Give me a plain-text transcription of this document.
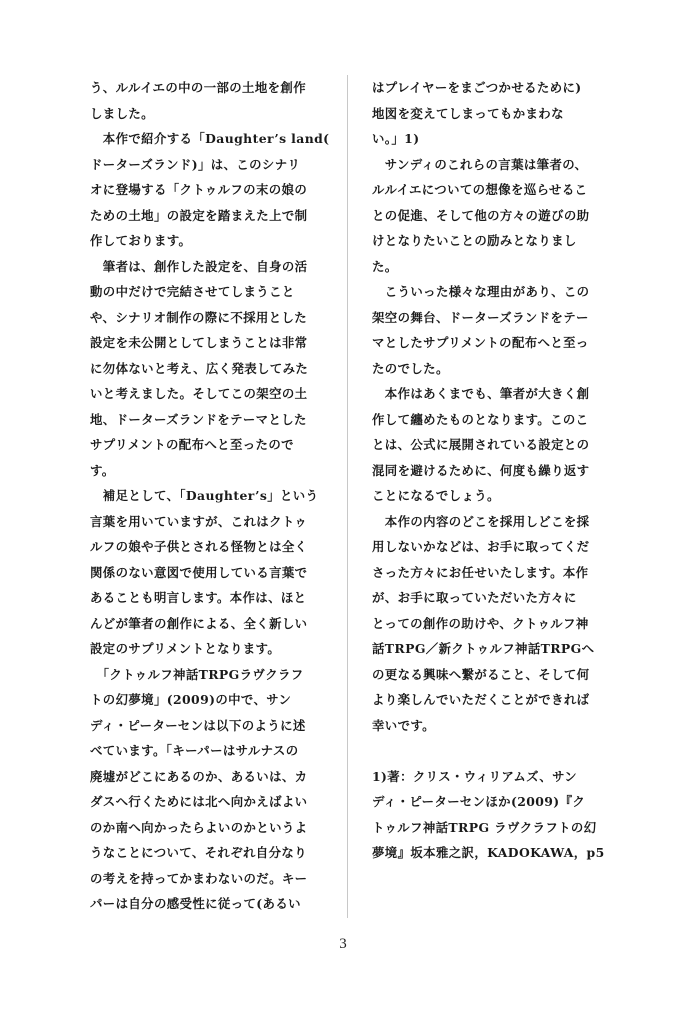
う、ルルイエの中の一部の土地を創作
しました。
　本作で紹介する「Daughter’s land(
ドーターズランド)」は、このシナリ
オに登場する「クトゥルフの末の娘の
ための土地」の設定を踏まえた上で制
作しております。
　筆者は、創作した設定を、自身の活
動の中だけで完結させてしまうこと
や、シナリオ制作の際に不採用とした
設定を未公開としてしまうことは非常
に勿体ないと考え、広く発表してみた
いと考えました。そしてこの架空の土
地、ドーターズランドをテーマとした
サプリメントの配布へと至ったので
す。
　補足として、「Daughter’s」という
言葉を用いていますが、これはクトゥ
ルフの娘や子供とされる怪物とは全く
関係のない意図で使用している言葉で
あることも明言します。本作は、ほと
んどが筆者の創作による、全く新しい
設定のサプリメントとなります。
　「クトゥルフ神話TRPGラヴクラフ
トの幻夢境」(2009)の中で、サン
ディ・ピーターセンは以下のように述
べています。「キーパーはサルナスの
廃墟がどこにあるのか、あるいは、カ
ダスへ行くためには北へ向かえばよい
のか南へ向かったらよいのかというよ
うなことについて、それぞれ自分なり
の考えを持ってかまわないのだ。キー
パーは自分の感受性に従って(あるい
はプレイヤーをまごつかせるために)
地図を変えてしまってもかまわな
い。」1)
　サンディのこれらの言葉は筆者の、
ルルイエについての想像を巡らせるこ
との促進、そして他の方々の遊びの助
けとなりたいことの励みとなりまし
た。
　こういった様々な理由があり、この
架空の舞台、ドーターズランドをテー
マとしたサプリメントの配布へと至っ
たのでした。
　本作はあくまでも、筆者が大きく創
作して纏めたものとなります。このこ
とは、公式に展開されている設定との
混同を避けるために、何度も繰り返す
ことになるでしょう。
　本作の内容のどこを採用しどこを採
用しないかなどは、お手に取ってくだ
さった方々にお任せいたします。本作
が、お手に取っていただいた方々に
とっての創作の助けや、クトゥルフ神
話TRPG／新クトゥルフ神話TRPGへ
の更なる興味へ繋がること、そして何
より楽しんでいただくことができれば
幸いです。
1)著：クリス・ウィリアムズ、サン
ディ・ピーターセンほか(2009)『ク
トゥルフ神話TRPG ラヴクラフトの幻
夢境』坂本雅之訳，KADOKAWA，p5
3
